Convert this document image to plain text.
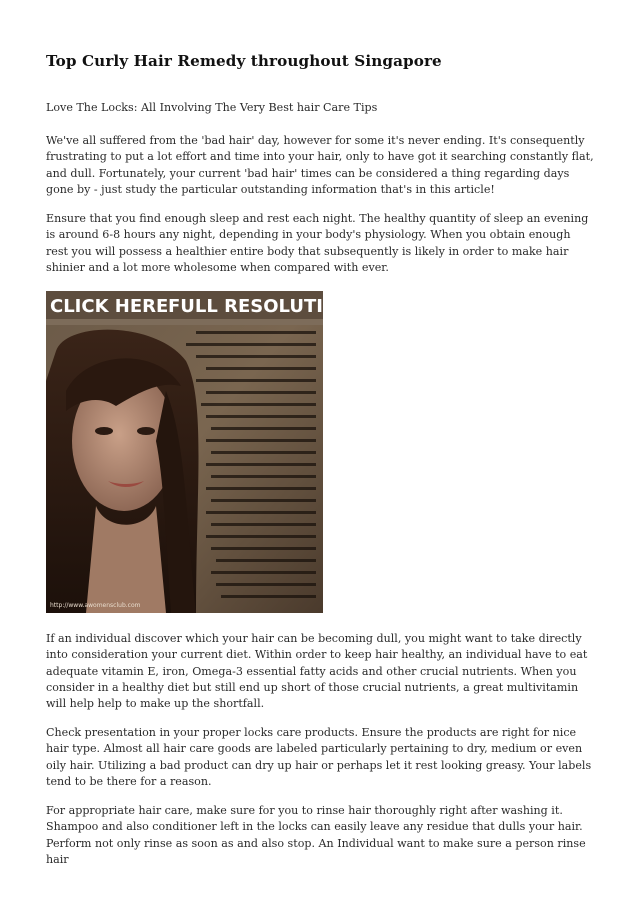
Top Curly Hair Remedy throughout Singapore

Love The Locks: All Involving The Very Best hair Care Tips

We've all suffered from the 'bad hair' day, however for some it's never ending. It's consequently frustrating to put a lot effort and time into your hair, only to have got it searching constantly flat, and dull. Fortunately, your current 'bad hair' times can be considered a thing regarding days gone by - just study the particular outstanding information that's in this article!

Ensure that you find enough sleep and rest each night. The healthy quantity of sleep an evening is around 6-8 hours any night, depending in your body's physiology. When you obtain enough rest you will possess a healthier entire body that subsequently is likely in order to make hair shinier and a lot more wholesome when compared with ever.

CLICK HERE FULL RESOLUTION
http://www.awomensclub.com

If an individual discover which your hair can be becoming dull, you might want to take directly into consideration your current diet. Within order to keep hair healthy, an individual have to eat adequate vitamin E, iron, Omega-3 essential fatty acids and other crucial nutrients. When you consider in a healthy diet but still end up short of those crucial nutrients, a great multivitamin will help help to make up the shortfall.

Check presentation in your proper locks care products. Ensure the products are right for nice hair type. Almost all hair care goods are labeled particularly pertaining to dry, medium or even oily hair. Utilizing a bad product can dry up hair or perhaps let it rest looking greasy. Your labels tend to be there for a reason.

For appropriate hair care, make sure for you to rinse hair thoroughly right after washing it. Shampoo and also conditioner left in the locks can easily leave any residue that dulls your hair. Perform not only rinse as soon as and also stop. An Individual want to make sure a person rinse hair
